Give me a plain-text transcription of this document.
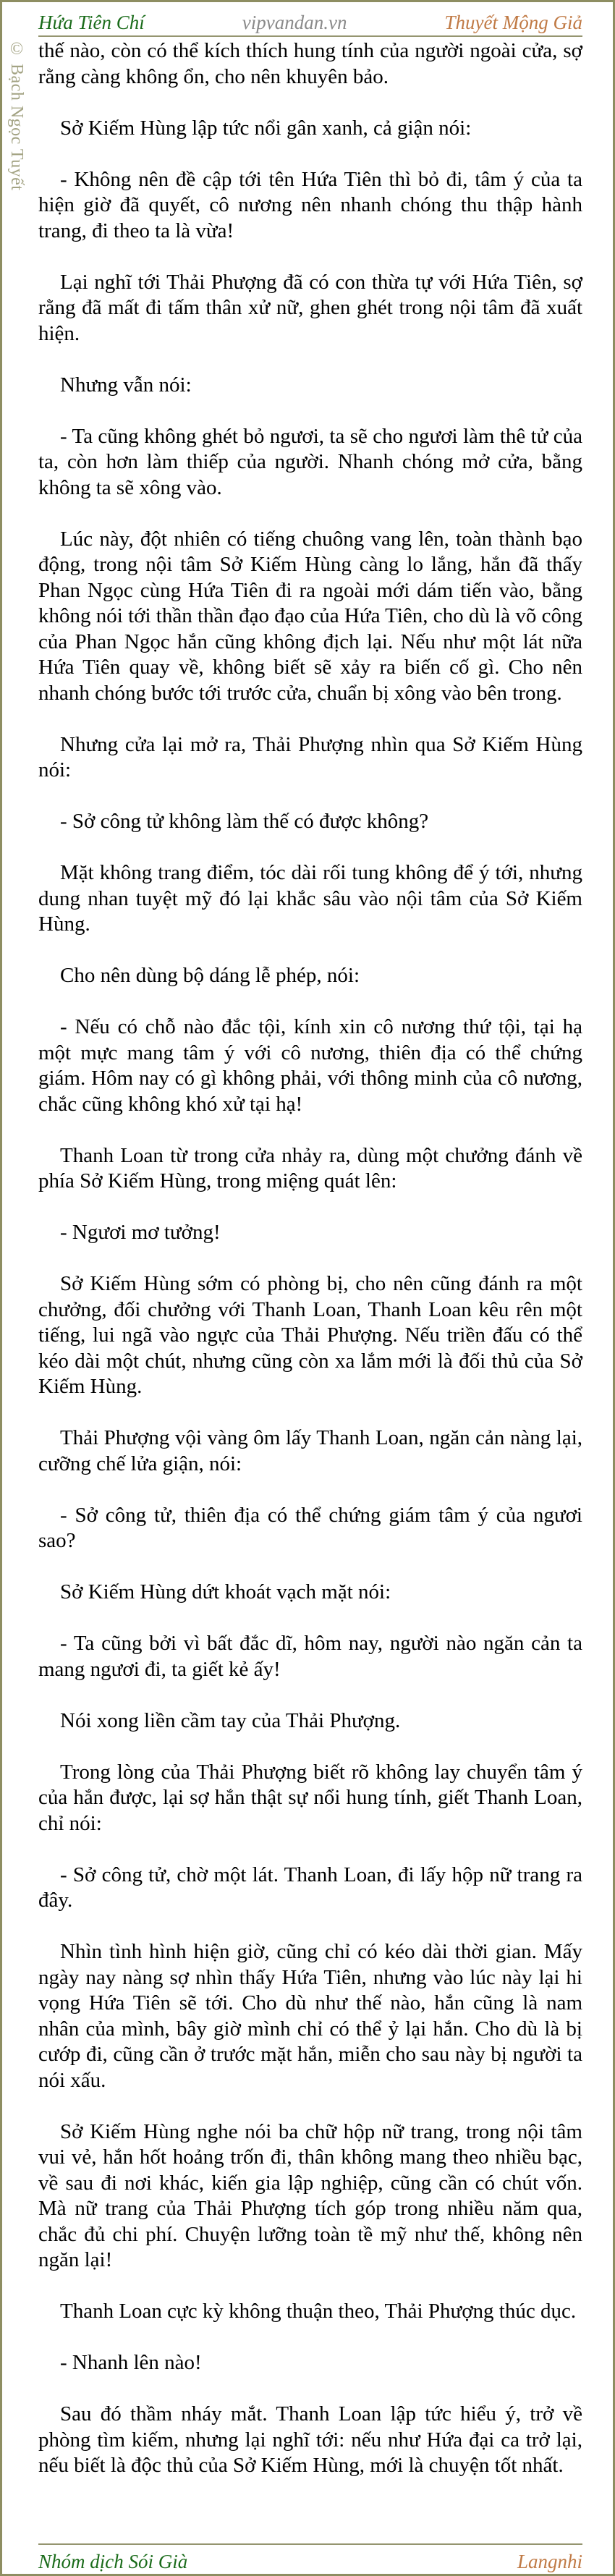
Hứa Tiên Chí	vipvandan.vn	Thuyết Mộng Giả
© Bạch Ngọc Tuyết thế nào, còn có thể kích thích hung tính của người ngoài cửa, sợ rằng càng không ổn, cho nên khuyên bảo.

Sở Kiếm Hùng lập tức nổi gân xanh, cả giận nói:

- Không nên đề cập tới tên Hứa Tiên thì bỏ đi, tâm ý của ta hiện giờ đã quyết, cô nương nên nhanh chóng thu thập hành trang, đi theo ta là vừa!

Lại nghĩ tới Thải Phượng đã có con thừa tự với Hứa Tiên, sợ rằng đã mất đi tấm thân xử nữ, ghen ghét trong nội tâm đã xuất hiện.

Nhưng vẫn nói:

- Ta cũng không ghét bỏ ngươi, ta sẽ cho ngươi làm thê tử của ta, còn hơn làm thiếp của người. Nhanh chóng mở cửa, bằng không ta sẽ xông vào.

Lúc này, đột nhiên có tiếng chuông vang lên, toàn thành bạo động, trong nội tâm Sở Kiếm Hùng càng lo lắng, hắn đã thấy Phan Ngọc cùng Hứa Tiên đi ra ngoài mới dám tiến vào, bằng không nói tới thần thần đạo đạo của Hứa Tiên, cho dù là võ công của Phan Ngọc hắn cũng không địch lại. Nếu như một lát nữa Hứa Tiên quay về, không biết sẽ xảy ra biến cố gì. Cho nên nhanh chóng bước tới trước cửa, chuẩn bị xông vào bên trong.

Nhưng cửa lại mở ra, Thải Phượng nhìn qua Sở Kiếm Hùng nói:

- Sở công tử không làm thế có được không?

Mặt không trang điểm, tóc dài rối tung không để ý tới, nhưng dung nhan tuyệt mỹ đó lại khắc sâu vào nội tâm của Sở Kiếm Hùng.

Cho nên dùng bộ dáng lễ phép, nói:

- Nếu có chỗ nào đắc tội, kính xin cô nương thứ tội, tại hạ một mực mang tâm ý với cô nương, thiên địa có thể chứng giám. Hôm nay có gì không phải, với thông minh của cô nương, chắc cũng không khó xử tại hạ!

Thanh Loan từ trong cửa nhảy ra, dùng một chưởng đánh về phía Sở Kiếm Hùng, trong miệng quát lên:

- Ngươi mơ tưởng!

Sở Kiếm Hùng sớm có phòng bị, cho nên cũng đánh ra một chưởng, đối chưởng với Thanh Loan, Thanh Loan kêu rên một tiếng, lui ngã vào ngực của Thải Phượng. Nếu triền đấu có thể kéo dài một chút, nhưng cũng còn xa lắm mới là đối thủ của Sở Kiếm Hùng.

Thải Phượng vội vàng ôm lấy Thanh Loan, ngăn cản nàng lại, cưỡng chế lửa giận, nói:

- Sở công tử, thiên địa có thể chứng giám tâm ý của ngươi sao?

Sở Kiếm Hùng dứt khoát vạch mặt nói:

- Ta cũng bởi vì bất đắc dĩ, hôm nay, người nào ngăn cản ta mang ngươi đi, ta giết kẻ ấy!

Nói xong liền cầm tay của Thải Phượng.

Trong lòng của Thải Phượng biết rõ không lay chuyển tâm ý của hắn được, lại sợ hắn thật sự nổi hung tính, giết Thanh Loan, chỉ nói:

- Sở công tử, chờ một lát. Thanh Loan, đi lấy hộp nữ trang ra đây.

Nhìn tình hình hiện giờ, cũng chỉ có kéo dài thời gian. Mấy ngày nay nàng sợ nhìn thấy Hứa Tiên, nhưng vào lúc này lại hi vọng Hứa Tiên sẽ tới. Cho dù như thế nào, hắn cũng là nam nhân của mình, bây giờ mình chỉ có thể ỷ lại hắn. Cho dù là bị cướp đi, cũng cần ở trước mặt hắn, miễn cho sau này bị người ta nói xấu.

Sở Kiếm Hùng nghe nói ba chữ hộp nữ trang, trong nội tâm vui vẻ, hắn hốt hoảng trốn đi, thân không mang theo nhiều bạc, về sau đi nơi khác, kiến gia lập nghiệp, cũng cần có chút vốn. Mà nữ trang của Thải Phượng tích góp trong nhiều năm qua, chắc đủ chi phí. Chuyện lưỡng toàn tề mỹ như thế, không nên ngăn lại!

Thanh Loan cực kỳ không thuận theo, Thải Phượng thúc dục.

- Nhanh lên nào!

Sau đó thầm nháy mắt. Thanh Loan lập tức hiểu ý, trở về phòng tìm kiếm, nhưng lại nghĩ tới: nếu như Hứa đại ca trở lại, nếu biết là độc thủ của Sở Kiếm Hùng, mới là chuyện tốt nhất.

Nhóm dịch Sói Già	Langnhi
